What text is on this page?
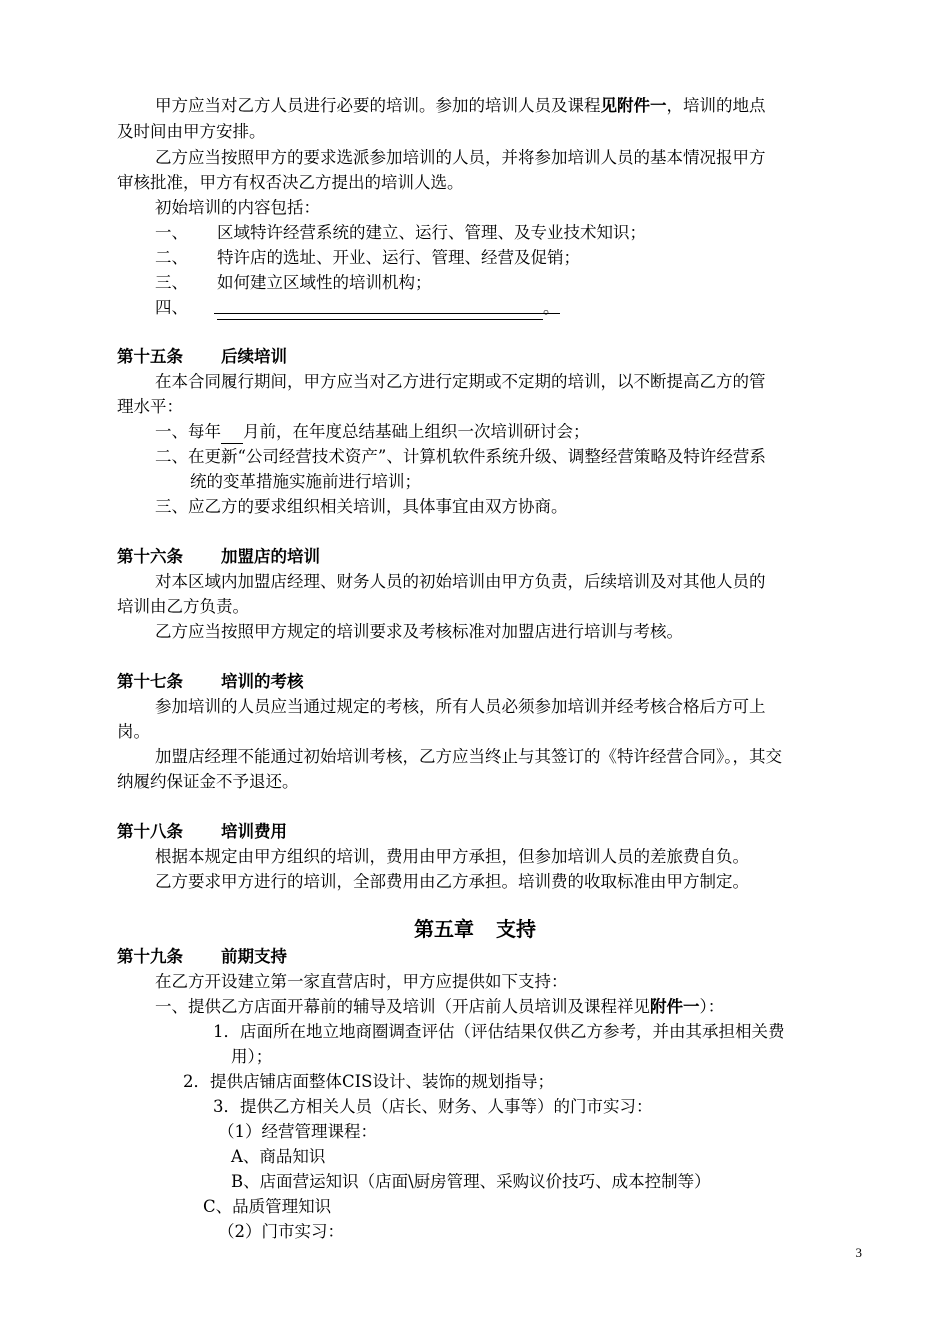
甲方应当对乙方人员进行必要的培训。参加的培训人员及课程见附件一，培训的地点
及时间由甲方安排。
乙方应当按照甲方的要求选派参加培训的人员，并将参加培训人员的基本情况报甲方
审核批准，甲方有权否决乙方提出的培训人选。
初始培训的内容包括：
一、 区域特许经营系统的建立、运行、管理、及专业技术知识；
二、 特许店的选址、开业、运行、管理、经营及促销；
三、 如何建立区域性的培训机构；
四、	。
第十五条 后续培训
在本合同履行期间，甲方应当对乙方进行定期或不定期的培训，以不断提高乙方的管
理水平：
一、每年 月前，在年度总结基础上组织一次培训研讨会；
二、在更新“公司经营技术资产”、计算机软件系统升级、调整经营策略及特许经营系
统的变革措施实施前进行培训；
三、应乙方的要求组织相关培训，具体事宜由双方协商。
第十六条 加盟店的培训
对本区域内加盟店经理、财务人员的初始培训由甲方负责，后续培训及对其他人员的
培训由乙方负责。
乙方应当按照甲方规定的培训要求及考核标准对加盟店进行培训与考核。
第十七条 培训的考核
参加培训的人员应当通过规定的考核，所有人员必须参加培训并经考核合格后方可上
岗。
加盟店经理不能通过初始培训考核，乙方应当终止与其签订的《特许经营合同》。，其交
纳履约保证金不予退还。
第十八条 培训费用
根据本规定由甲方组织的培训，费用由甲方承担，但参加培训人员的差旅费自负。
乙方要求甲方进行的培训，全部费用由乙方承担。培训费的收取标准由甲方制定。
第五章 支持
第十九条 前期支持
在乙方开设建立第一家直营店时，甲方应提供如下支持：
一、提供乙方店面开幕前的辅导及培训（开店前人员培训及课程祥见附件一）：
1．店面所在地立地商圈调查评估（评估结果仅供乙方参考，并由其承担相关费
用）；
2．提供店铺店面整体CIS设计、装饰的规划指导；
3．提供乙方相关人员（店长、财务、人事等）的门市实习：
（1）经营管理课程：
A、商品知识
B、店面营运知识（店面\厨房管理、采购议价技巧、成本控制等）
C、品质管理知识
（2）门市实习：
3
